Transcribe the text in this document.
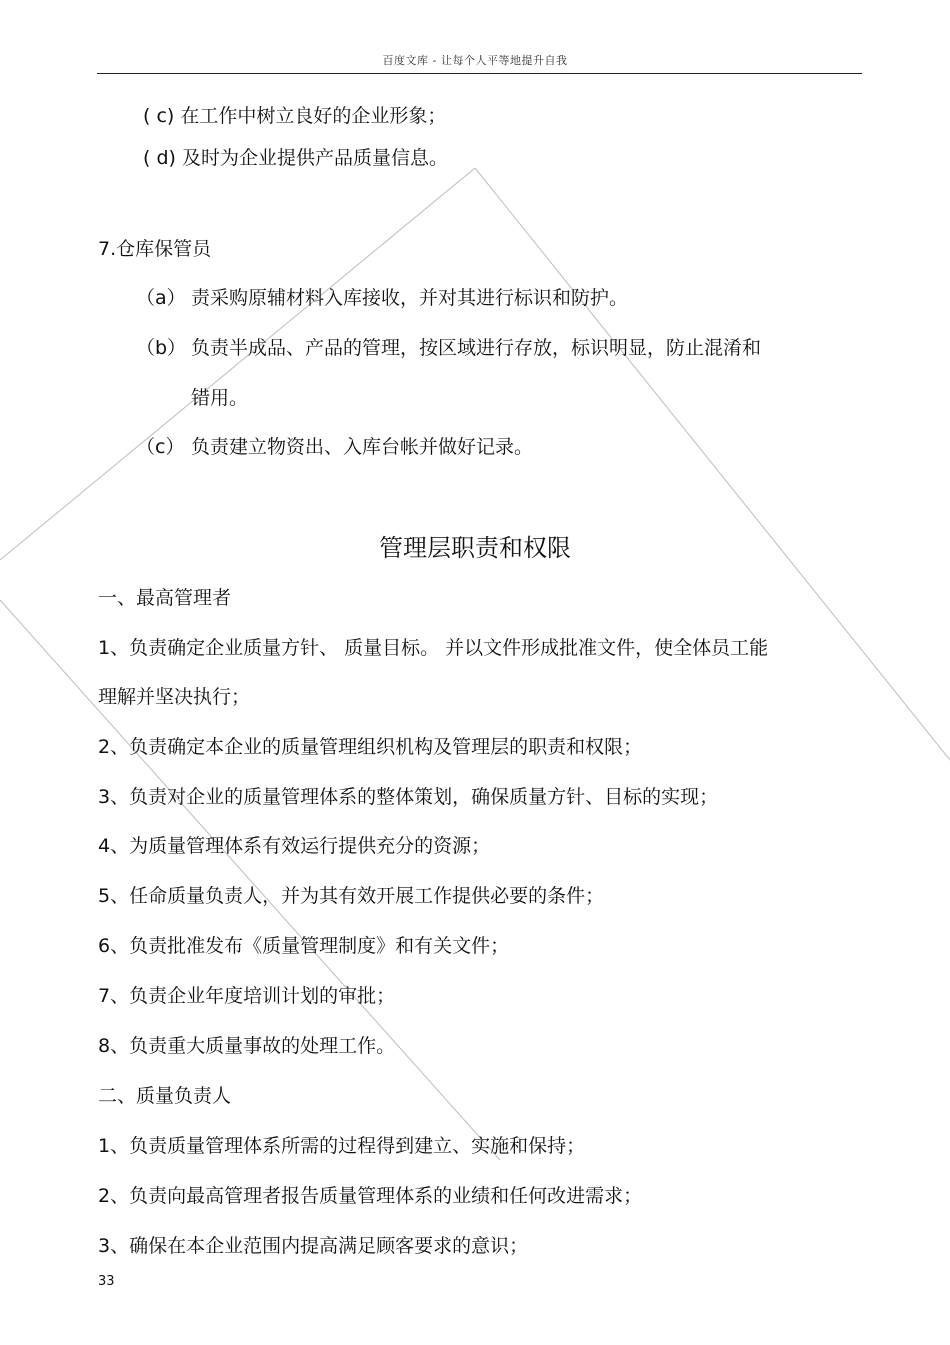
百度文库 - 让每个人平等地提升自我
( c) 在工作中树立良好的企业形象；
( d) 及时为企业提供产品质量信息。
7.仓库保管员
（a） 责采购原辅材料入库接收，并对其进行标识和防护。
（b） 负责半成品、产品的管理，按区域进行存放，标识明显，防止混淆和
错用。
（c） 负责建立物资出、入库台帐并做好记录。
管理层职责和权限
一、最高管理者
1、负责确定企业质量方针、 质量目标。 并以文件形成批准文件，使全体员工能
理解并坚决执行；
2、负责确定本企业的质量管理组织机构及管理层的职责和权限；
3、负责对企业的质量管理体系的整体策划，确保质量方针、目标的实现；
4、为质量管理体系有效运行提供充分的资源；
5、任命质量负责人，并为其有效开展工作提供必要的条件；
6、负责批准发布《质量管理制度》和有关文件；
7、负责企业年度培训计划的审批；
8、负责重大质量事故的处理工作。
二、质量负责人
1、负责质量管理体系所需的过程得到建立、实施和保持；
2、负责向最高管理者报告质量管理体系的业绩和任何改进需求；
3、确保在本企业范围内提高满足顾客要求的意识；
33
